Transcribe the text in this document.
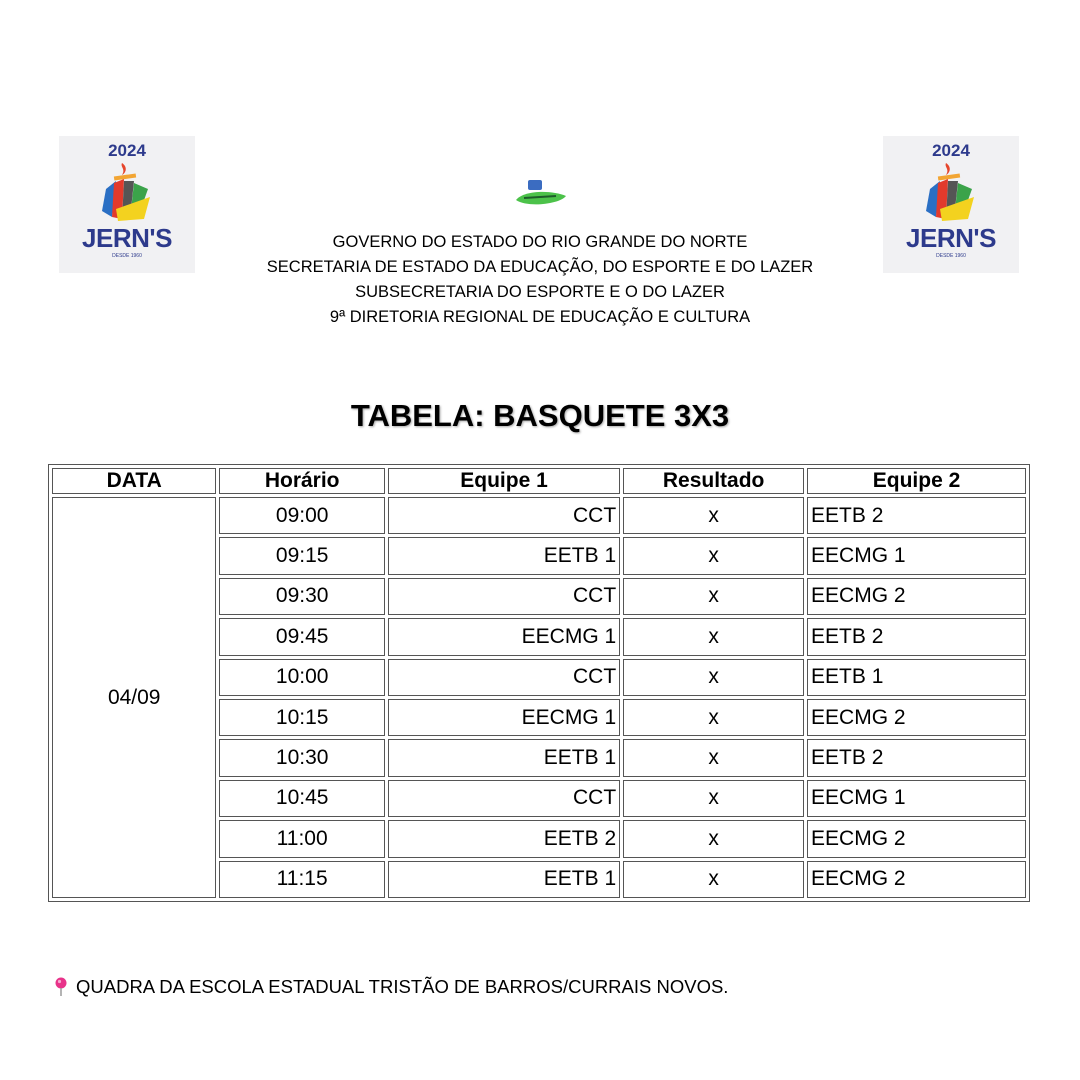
2024
JERN'S
DESDE 1960
2024
JERN'S
DESDE 1960
GOVERNO DO ESTADO DO RIO GRANDE DO NORTE
SECRETARIA DE ESTADO DA EDUCAÇÃO, DO ESPORTE E DO LAZER
SUBSECRETARIA DO ESPORTE E O DO LAZER
9ª DIRETORIA REGIONAL DE EDUCAÇÃO E CULTURA
TABELA: BASQUETE 3X3
DATA	Horário	Equipe 1	Resultado	Equipe 2
04/09	09:00	CCT	x	EETB 2
	09:15	EETB 1	x	EECMG 1
	09:30	CCT	x	EECMG 2
	09:45	EECMG 1	x	EETB 2
	10:00	CCT	x	EETB 1
	10:15	EECMG 1	x	EECMG 2
	10:30	EETB 1	x	EETB 2
	10:45	CCT	x	EECMG 1
	11:00	EETB 2	x	EECMG 2
	11:15	EETB 1	x	EECMG 2
QUADRA DA ESCOLA ESTADUAL TRISTÃO DE BARROS/CURRAIS NOVOS.
